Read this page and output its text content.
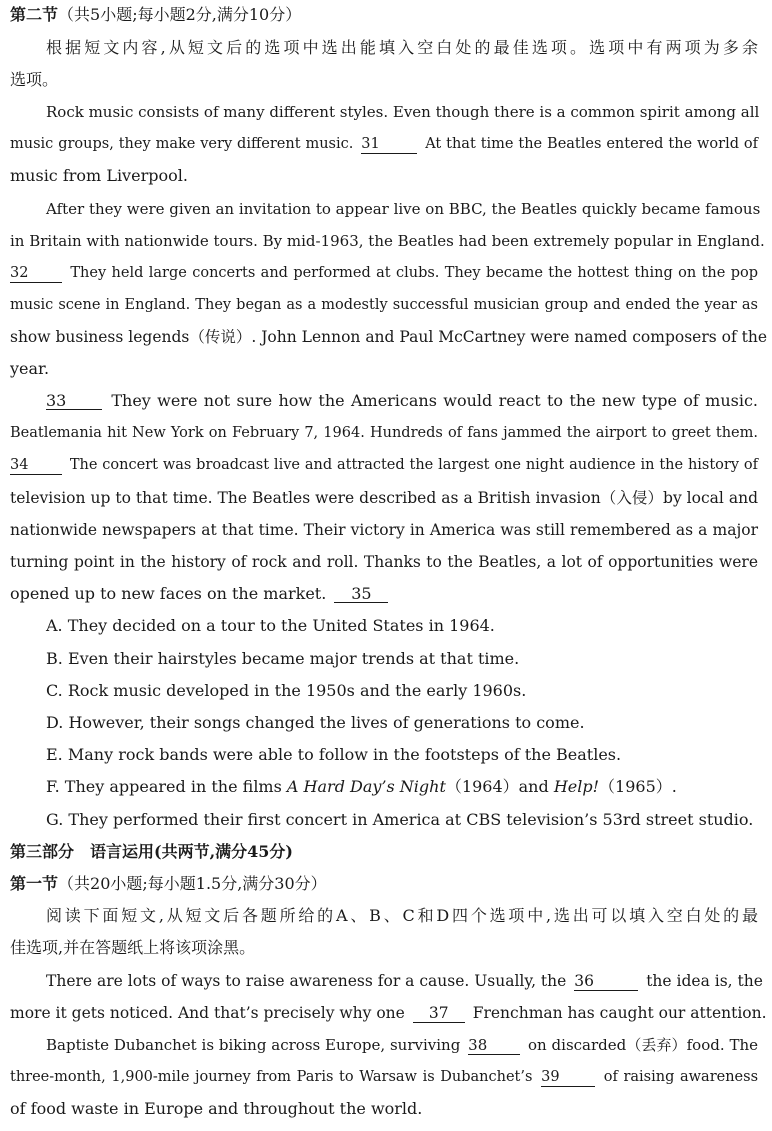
第二节（共5小题;每小题2分,满分10分）
根据短文内容,从短文后的选项中选出能填入空白处的最佳选项。选项中有两项为多余
选项。
Rock music consists of many different styles. Even though there is a common spirit among all
music groups, they make very different music. 31	At that time the Beatles entered the world of
music from Liverpool.
After they were given an invitation to appear live on BBC, the Beatles quickly became famous
in Britain with nationwide tours. By mid-1963, the Beatles had been extremely popular in England.
32	They held large concerts and performed at clubs. They became the hottest thing on the pop
music scene in England. They began as a modestly successful musician group and ended the year as
show business legends（传说）. John Lennon and Paul McCartney were named composers of the
year.
33	They were not sure how the Americans would react to the new type of music.
Beatlemania hit New York on February 7, 1964. Hundreds of fans jammed the airport to greet them.
34	The concert was broadcast live and attracted the largest one night audience in the history of
television up to that time. The Beatles were described as a British invasion（入侵）by local and
nationwide newspapers at that time. Their victory in America was still remembered as a major
turning point in the history of rock and roll. Thanks to the Beatles, a lot of opportunities were
opened up to new faces on the market. 35
A. They decided on a tour to the United States in 1964.
B. Even their hairstyles became major trends at that time.
C. Rock music developed in the 1950s and the early 1960s.
D. However, their songs changed the lives of generations to come.
E. Many rock bands were able to follow in the footsteps of the Beatles.
F. They appeared in the films A Hard Day’s Night（1964）and Help!（1965）.
G. They performed their first concert in America at CBS television’s 53rd street studio.
第三部分　语言运用(共两节,满分45分)
第一节（共20小题;每小题1.5分,满分30分）
阅读下面短文,从短文后各题所给的A、B、C和D四个选项中,选出可以填入空白处的最
佳选项,并在答题纸上将该项涂黑。
There are lots of ways to raise awareness for a cause. Usually, the 36	the idea is, the
more it gets noticed. And that’s precisely why one 37 Frenchman has caught our attention.
Baptiste Dubanchet is biking across Europe, surviving 38	on discarded（丢弃）food. The
three-month, 1,900-mile journey from Paris to Warsaw is Dubanchet’s 39	of raising awareness
of food waste in Europe and throughout the world.
